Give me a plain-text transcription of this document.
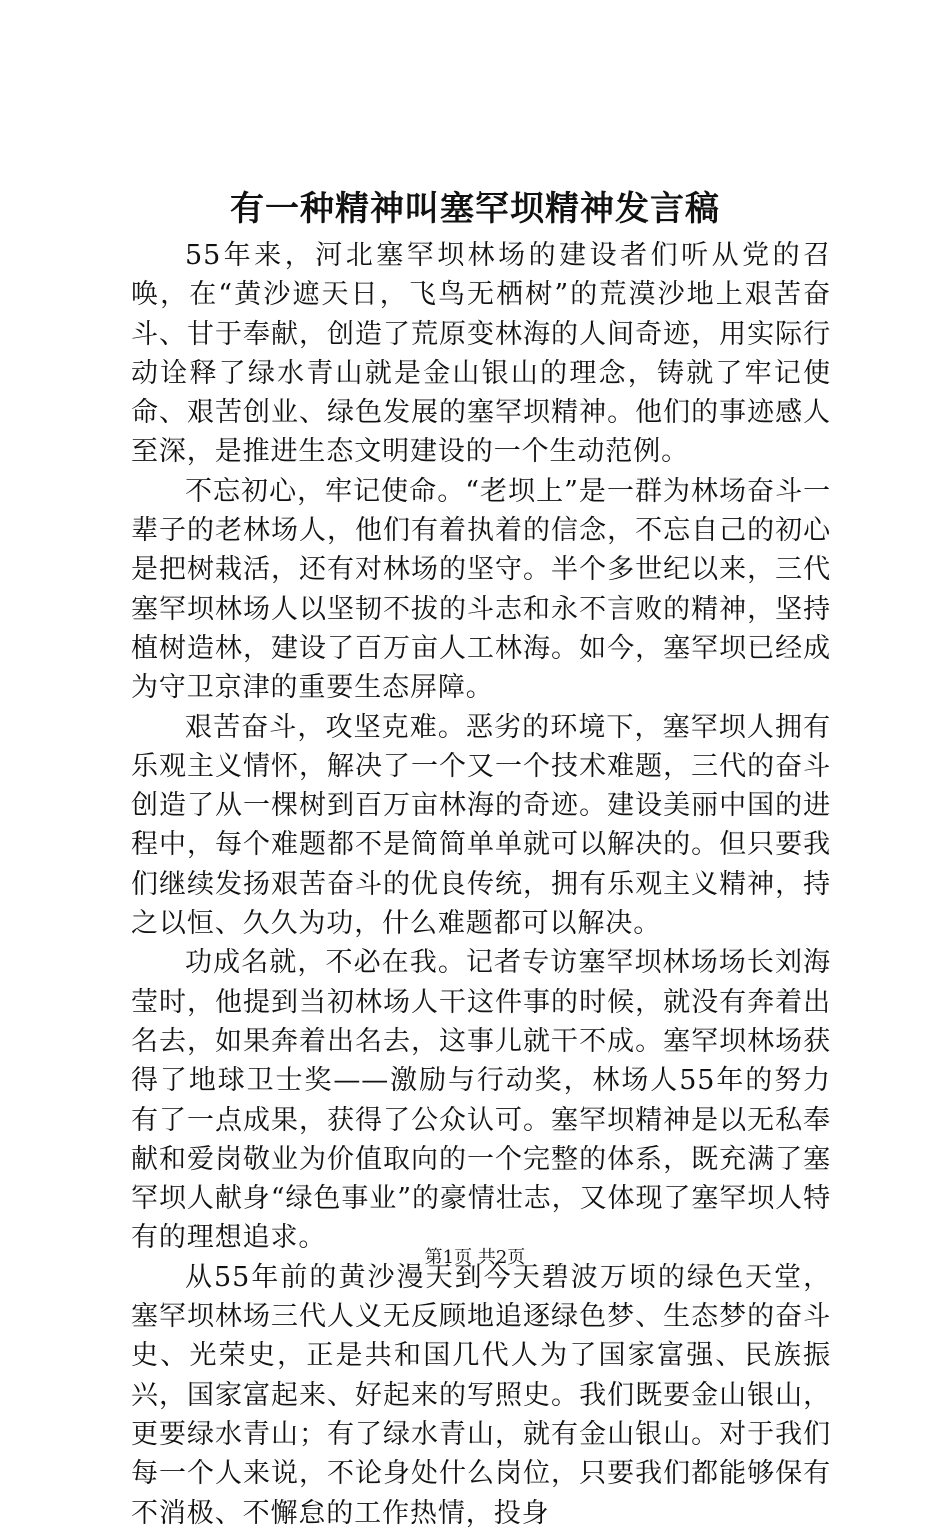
有一种精神叫塞罕坝精神发言稿

55年来，河北塞罕坝林场的建设者们听从党的召唤，在“黄沙遮天日，飞鸟无栖树”的荒漠沙地上艰苦奋斗、甘于奉献，创造了荒原变林海的人间奇迹，用实际行动诠释了绿水青山就是金山银山的理念，铸就了牢记使命、艰苦创业、绿色发展的塞罕坝精神。他们的事迹感人至深，是推进生态文明建设的一个生动范例。

不忘初心，牢记使命。“老坝上”是一群为林场奋斗一辈子的老林场人，他们有着执着的信念，不忘自己的初心是把树栽活，还有对林场的坚守。半个多世纪以来，三代塞罕坝林场人以坚韧不拔的斗志和永不言败的精神，坚持植树造林，建设了百万亩人工林海。如今，塞罕坝已经成为守卫京津的重要生态屏障。

艰苦奋斗，攻坚克难。恶劣的环境下，塞罕坝人拥有乐观主义情怀，解决了一个又一个技术难题，三代的奋斗创造了从一棵树到百万亩林海的奇迹。建设美丽中国的进程中，每个难题都不是简简单单就可以解决的。但只要我们继续发扬艰苦奋斗的优良传统，拥有乐观主义精神，持之以恒、久久为功，什么难题都可以解决。

功成名就，不必在我。记者专访塞罕坝林场场长刘海莹时，他提到当初林场人干这件事的时候，就没有奔着出名去，如果奔着出名去，这事儿就干不成。塞罕坝林场获得了地球卫士奖——激励与行动奖，林场人55年的努力有了一点成果，获得了公众认可。塞罕坝精神是以无私奉献和爱岗敬业为价值取向的一个完整的体系，既充满了塞罕坝人献身“绿色事业”的豪情壮志，又体现了塞罕坝人特有的理想追求。

从55年前的黄沙漫天到今天碧波万顷的绿色天堂，塞罕坝林场三代人义无反顾地追逐绿色梦、生态梦的奋斗史、光荣史，正是共和国几代人为了国家富强、民族振兴，国家富起来、好起来的写照史。我们既要金山银山，更要绿水青山；有了绿水青山，就有金山银山。对于我们每一个人来说，不论身处什么岗位，只要我们都能够保有不消极、不懈怠的工作热情，投身

第1页 共2页
